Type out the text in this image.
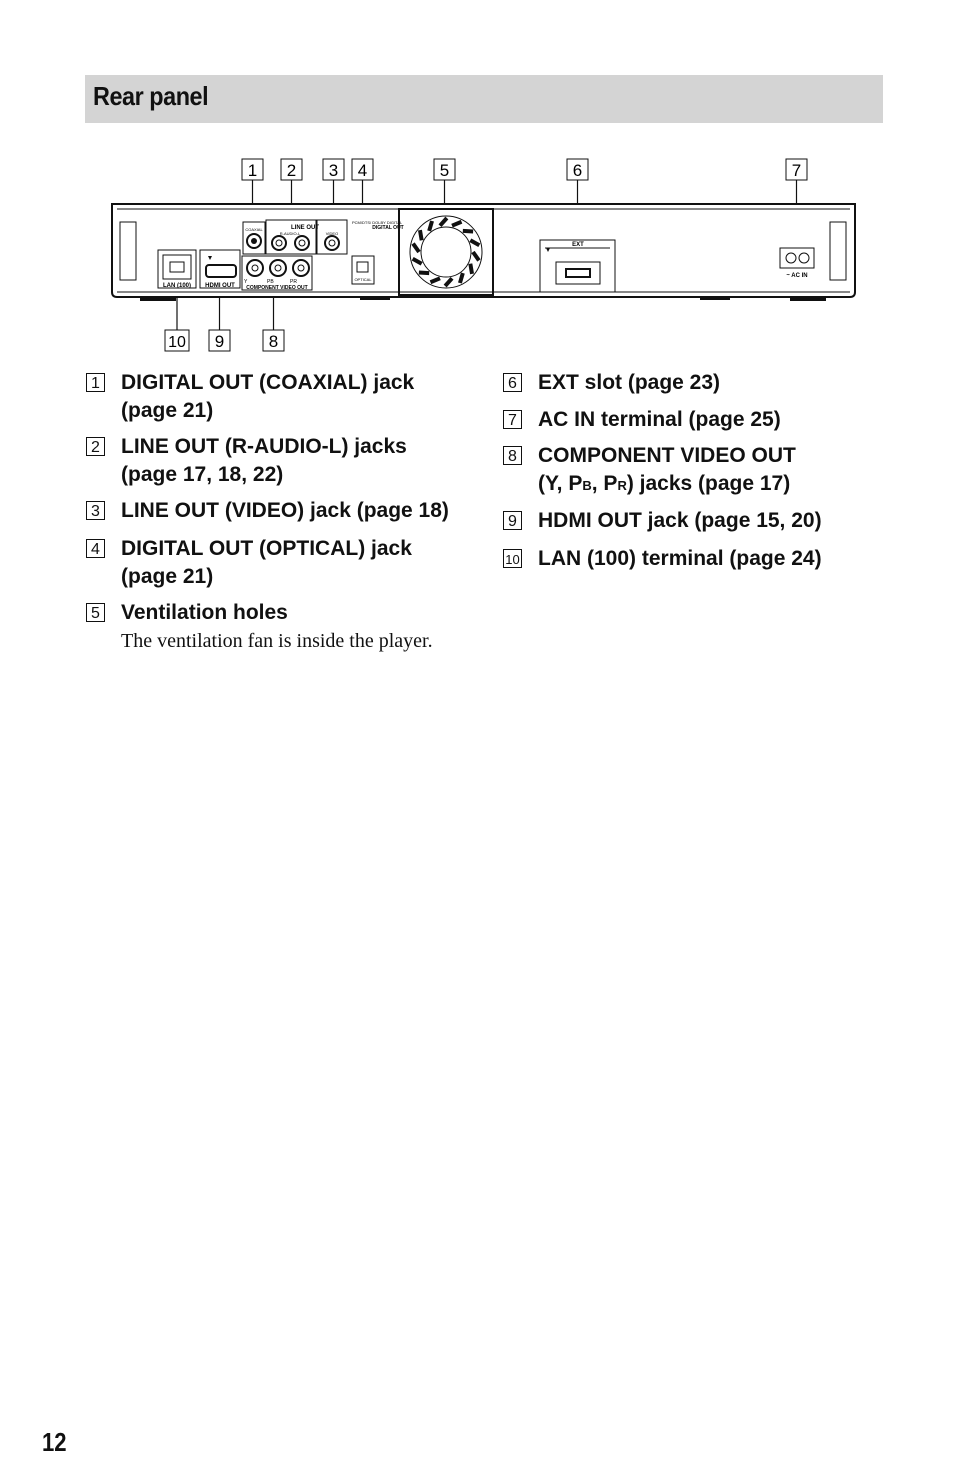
Rear panel
1 2 3 4	5	6	7
10 9	8
LAN (100) HDMI OUT
Y	PB	PR
COMPONENT VIDEO OUT
COAXIAL	LINE OUT
R-AUDIO-L	VIDEO
PCM/DTS/ DOLBY DIGITAL
OPTICAL
DIGITAL OUT
EXT
~ AC IN
1 DIGITAL OUT (COAXIAL) jack
(page 21)
2 LINE OUT (R-AUDIO-L) jacks
(page 17, 18, 22)
3 LINE OUT (VIDEO) jack (page 18)
4 DIGITAL OUT (OPTICAL) jack
(page 21)
5 Ventilation holes
The ventilation fan is inside the player.
6 EXT slot (page 23)
7 AC IN terminal (page 25)
8 COMPONENT VIDEO OUT
(Y, PB, PR) jacks (page 17)
9 HDMI OUT jack (page 15, 20)
10 LAN (100) terminal (page 24)
12
